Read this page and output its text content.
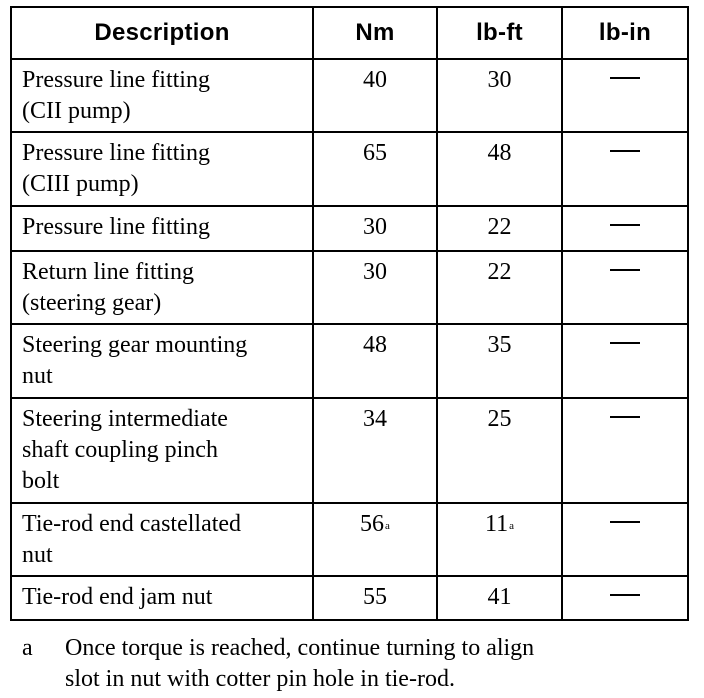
Description	Nm	lb-ft	lb-in

Pressure line fitting
(CII pump)	40	30	

Pressure line fitting
(CIII pump)	65	48	

Pressure line fitting	30	22	

Return line fitting
(steering gear)	30	22	

Steering gear mounting
nut	48	35	

Steering intermediate
shaft coupling pinch
bolt	34	25	

Tie-rod end castellated
nut	56$^a$	11$^a$	

Tie-rod end jam nut	55	41	
a Once torque is reached, continue turning to align
slot in nut with cotter pin hole in tie-rod.
